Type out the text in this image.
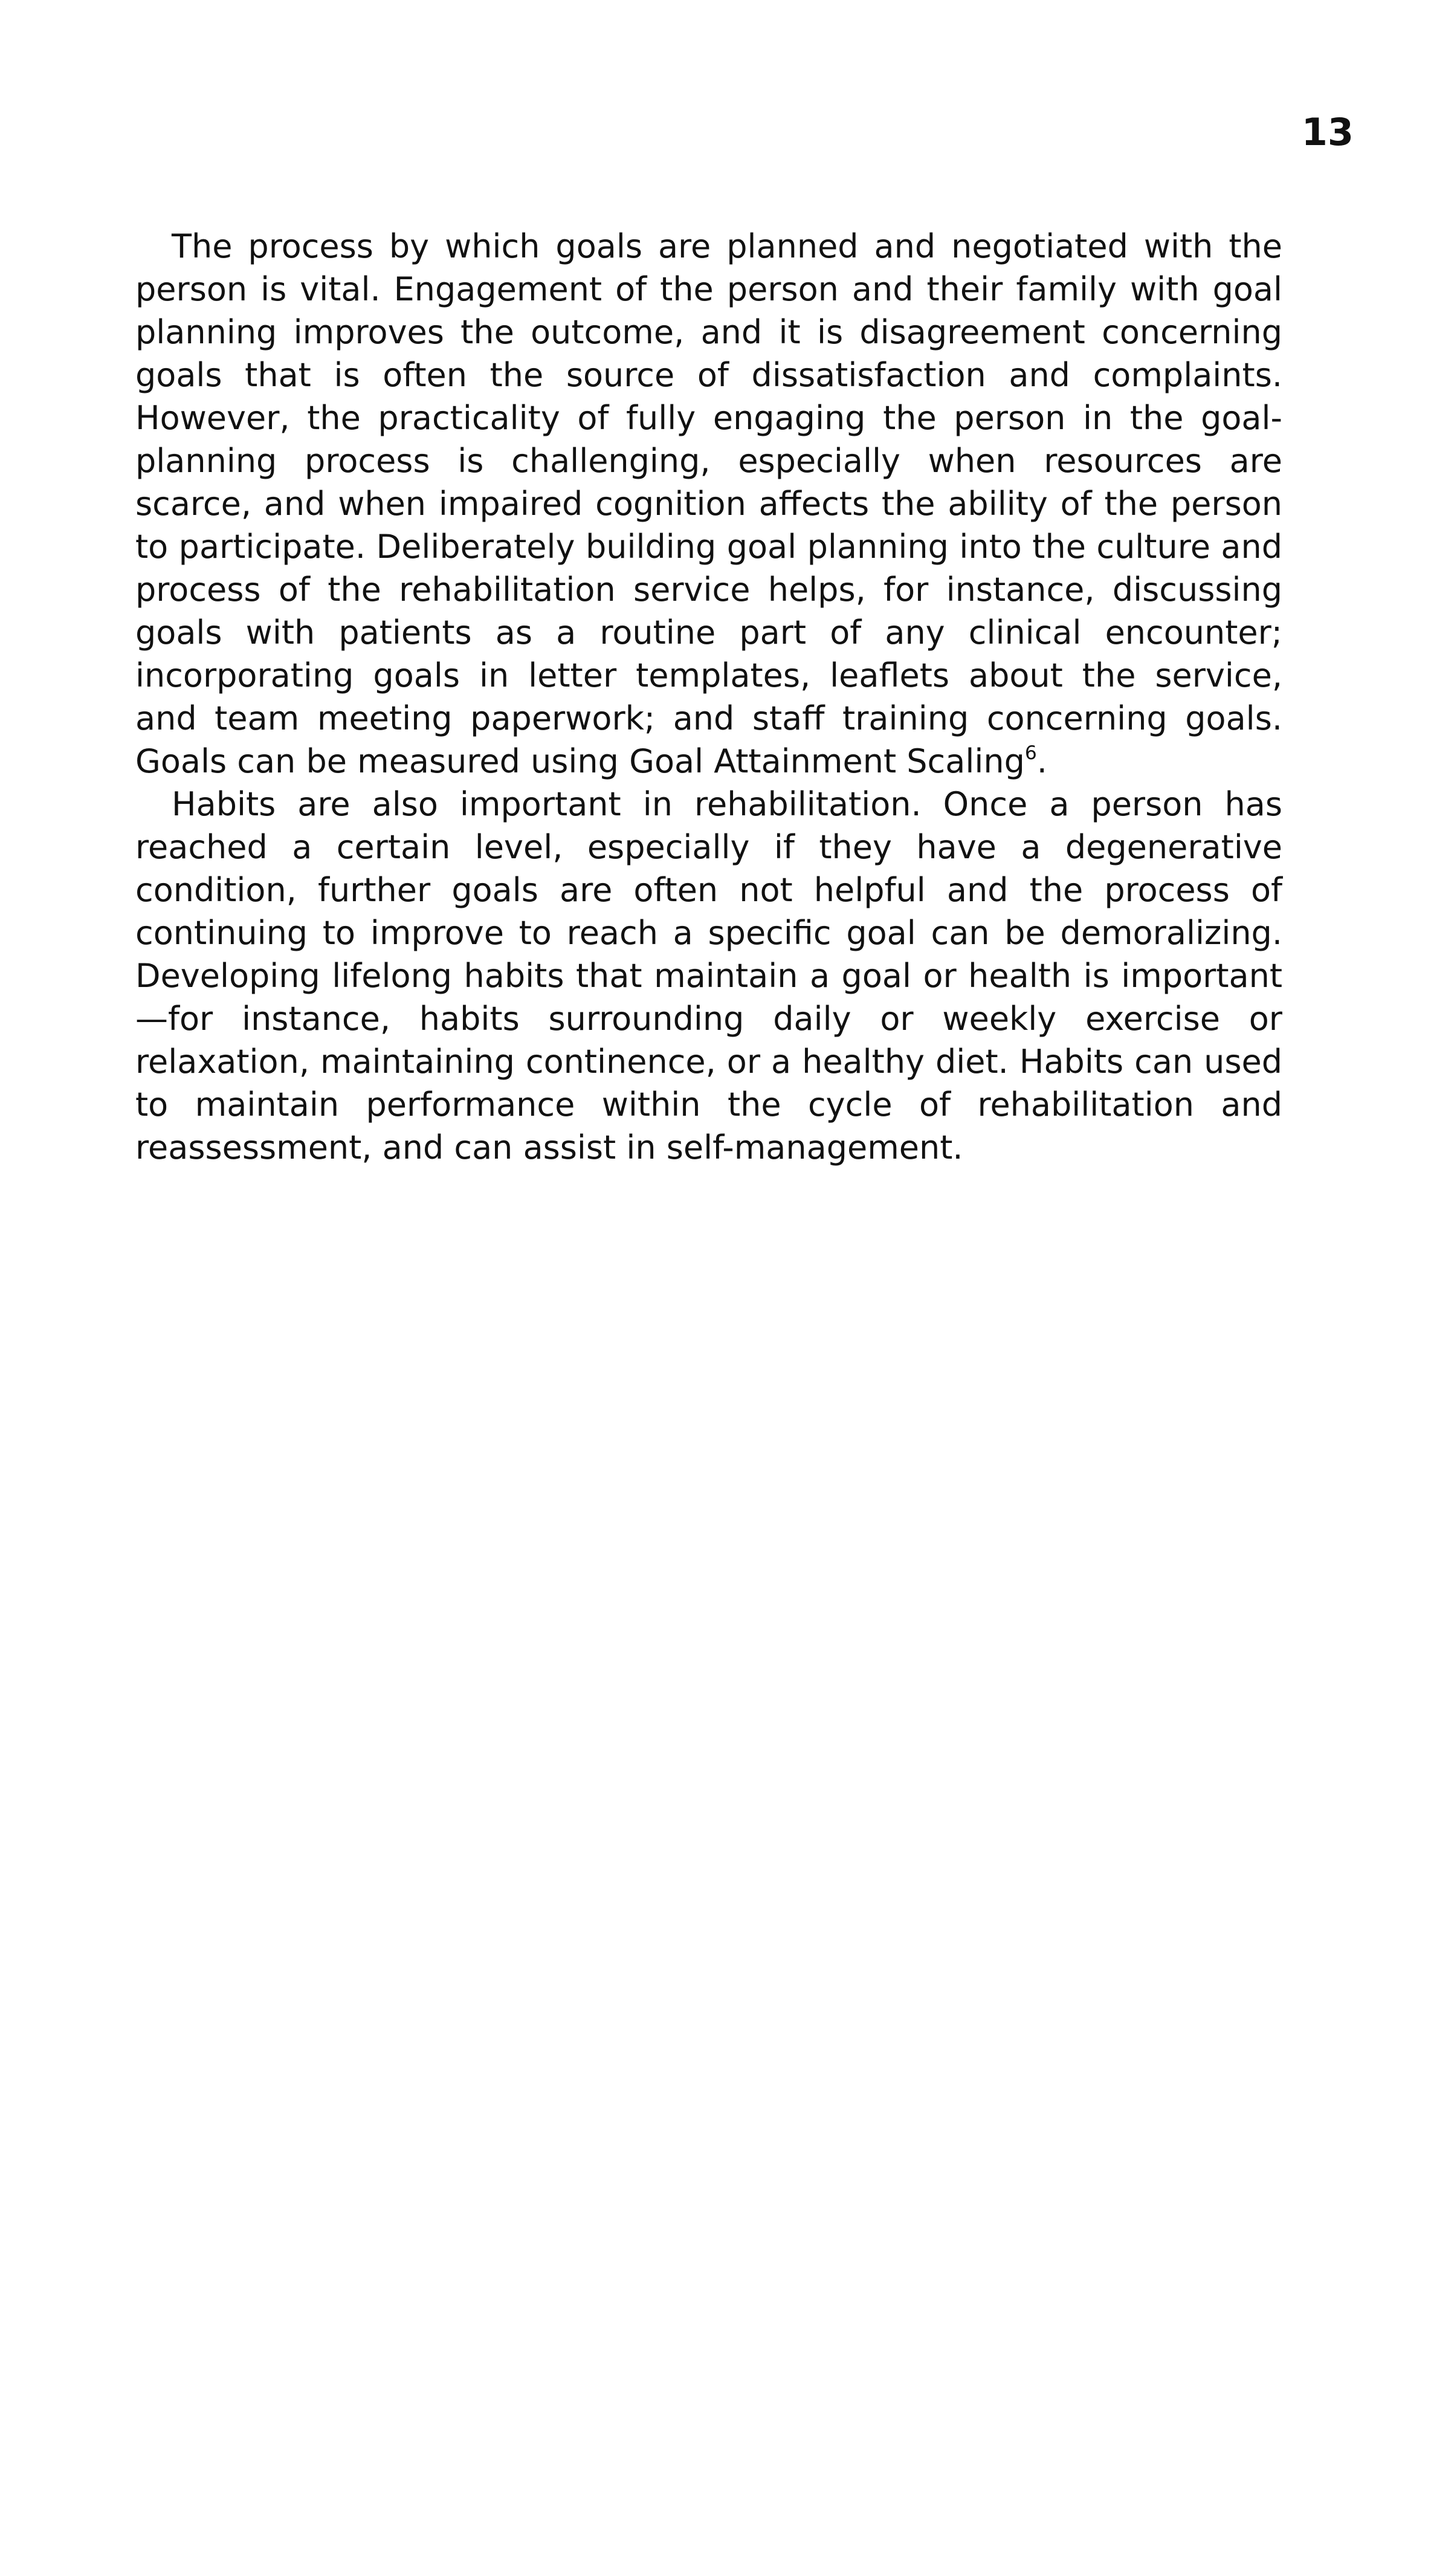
13

The process by which goals are planned and negotiated with the person is vital. Engagement of the person and their family with goal planning improves the outcome, and it is disagreement concerning goals that is often the source of dissatisfaction and complaints. However, the practicality of fully engaging the person in the goal-planning process is challenging, especially when resources are scarce, and when impaired cognition affects the ability of the person to participate. Deliberately building goal planning into the culture and process of the rehabilitation service helps, for instance, discussing goals with patients as a routine part of any clinical encounter; incorporating goals in letter templates, leaflets about the service, and team meeting paperwork; and staff training concerning goals. Goals can be measured using Goal Attainment Scaling$^6$.

Habits are also important in rehabilitation. Once a person has reached a certain level, especially if they have a degenerative condition, further goals are often not helpful and the process of continuing to improve to reach a specific goal can be demoralizing. Developing lifelong habits that maintain a goal or health is important—for instance, habits surrounding daily or weekly exercise or relaxation, maintaining continence, or a healthy diet. Habits can used to maintain performance within the cycle of rehabilitation and reassessment, and can assist in self-management.
